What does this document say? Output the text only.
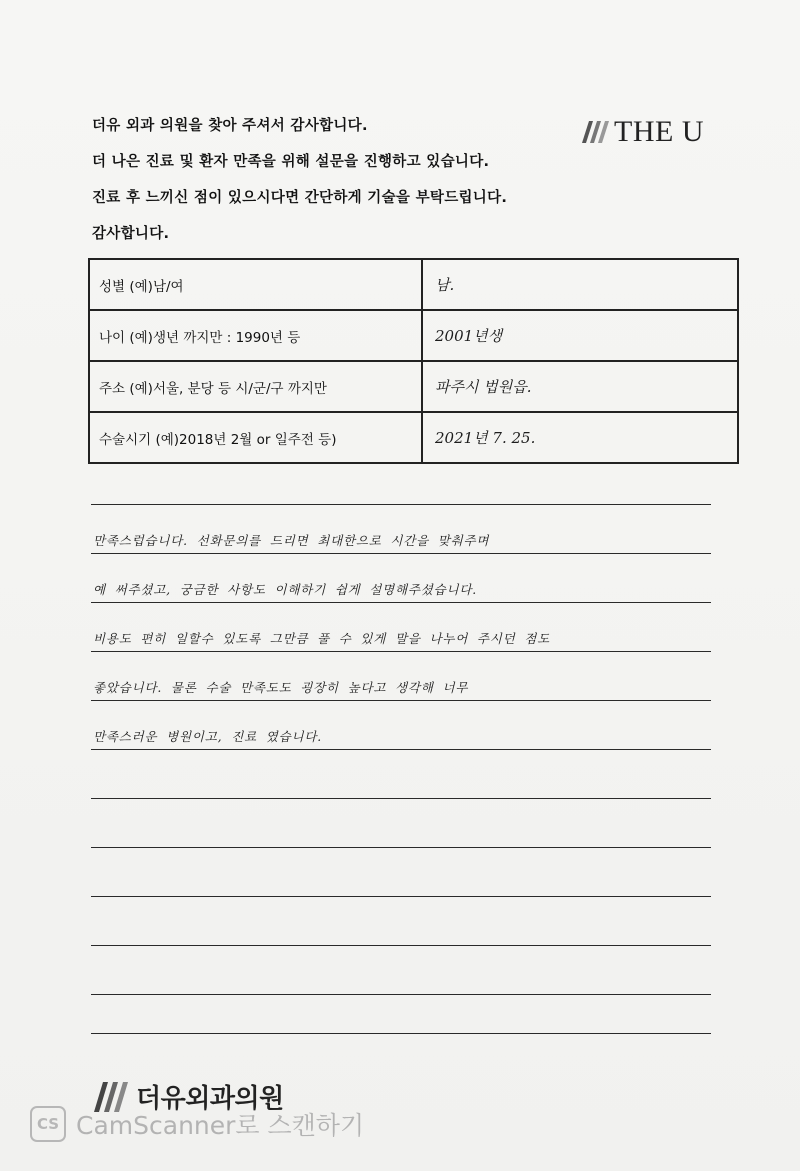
더유 외과 의원을 찾아 주셔서 감사합니다.
더 나은 진료 및 환자 만족을 위해 설문을 진행하고 있습니다.
진료 후 느끼신 점이 있으시다면 간단하게 기술을 부탁드립니다.
감사합니다.
THE U
성별 (예)남/여	남.
나이 (예)생년 까지만 : 1990년 등	2001년생
주소 (예)서울, 분당 등 시/군/구 까지만	파주시 법원읍.
수술시기 (예)2018년 2월 or 일주전 등)	2021년 7. 25.
만족스럽습니다. 선화문의를 드리면 최대한으로 시간을 맞춰주며
예 써주셨고, 궁금한 사항도 이해하기 쉽게 설명해주셨습니다.
비용도 편히 일할수 있도록 그만큼 풀 수 있게 말을 나누어 주시던 점도
좋았습니다. 물론 수술 만족도도 굉장히 높다고 생각해 너무
만족스러운 병원이고, 진료 였습니다.
더유외과의원
CS CamScanner로 스캔하기
